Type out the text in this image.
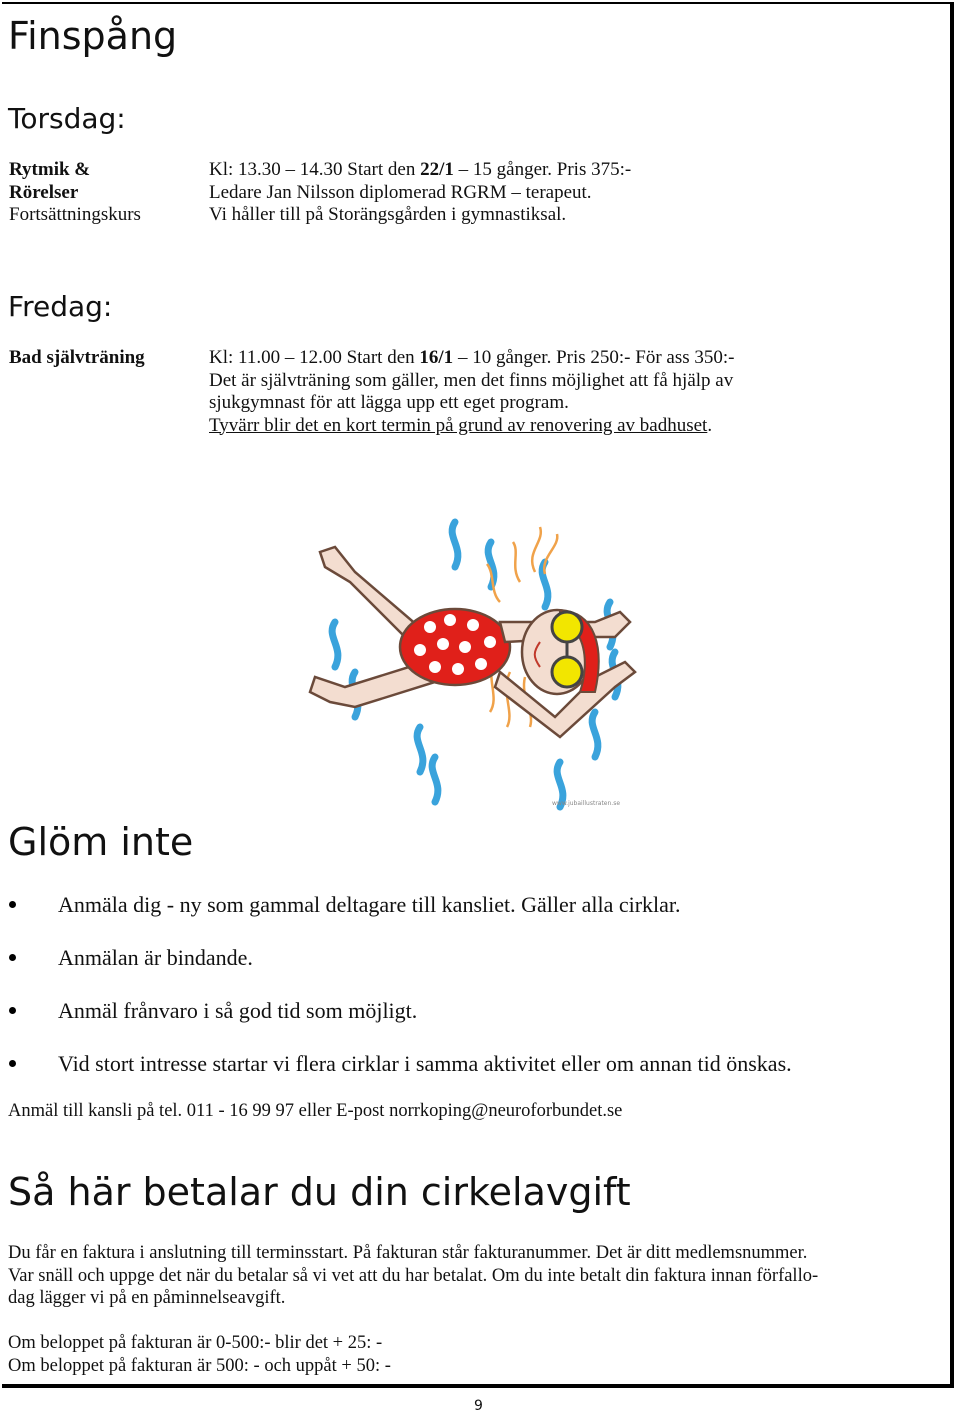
Finspång
Torsdag:
Rytmik &
Rörelser
Fortsättningskurs
Kl: 13.30 – 14.30 Start den 22/1 – 15 gånger. Pris 375:-
Ledare Jan Nilsson diplomerad RGRM – terapeut.
Vi håller till på Storängsgården i gymnastiksal.
Fredag:
Bad självträning	Kl: 11.00 – 12.00 Start den 16/1 – 10 gånger. Pris 250:- För ass 350:-
Det är självträning som gäller, men det finns möjlighet att få hjälp av
sjukgymnast för att lägga upp ett eget program.
Tyvärr blir det en kort termin på grund av renovering av badhuset.
www.jubaillustraten.se
Glöm inte
Anmäla dig - ny som gammal deltagare till kansliet. Gäller alla cirklar.
Anmälan är bindande.
Anmäl frånvaro i så god tid som möjligt.
Vid stort intresse startar vi flera cirklar i samma aktivitet eller om annan tid önskas.
Anmäl till kansli på tel. 011 - 16 99 97 eller E-post norrkoping@neuroforbundet.se
Så här betalar du din cirkelavgift
Du får en faktura i anslutning till terminsstart. På fakturan står fakturanummer. Det är ditt medlemsnummer.
Var snäll och uppge det när du betalar så vi vet att du har betalat. Om du inte betalt din faktura innan förfallo-
dag lägger vi på en påminnelseavgift.
Om beloppet på fakturan är 0-500:- blir det + 25: -
Om beloppet på fakturan är 500: - och uppåt + 50: -
9
